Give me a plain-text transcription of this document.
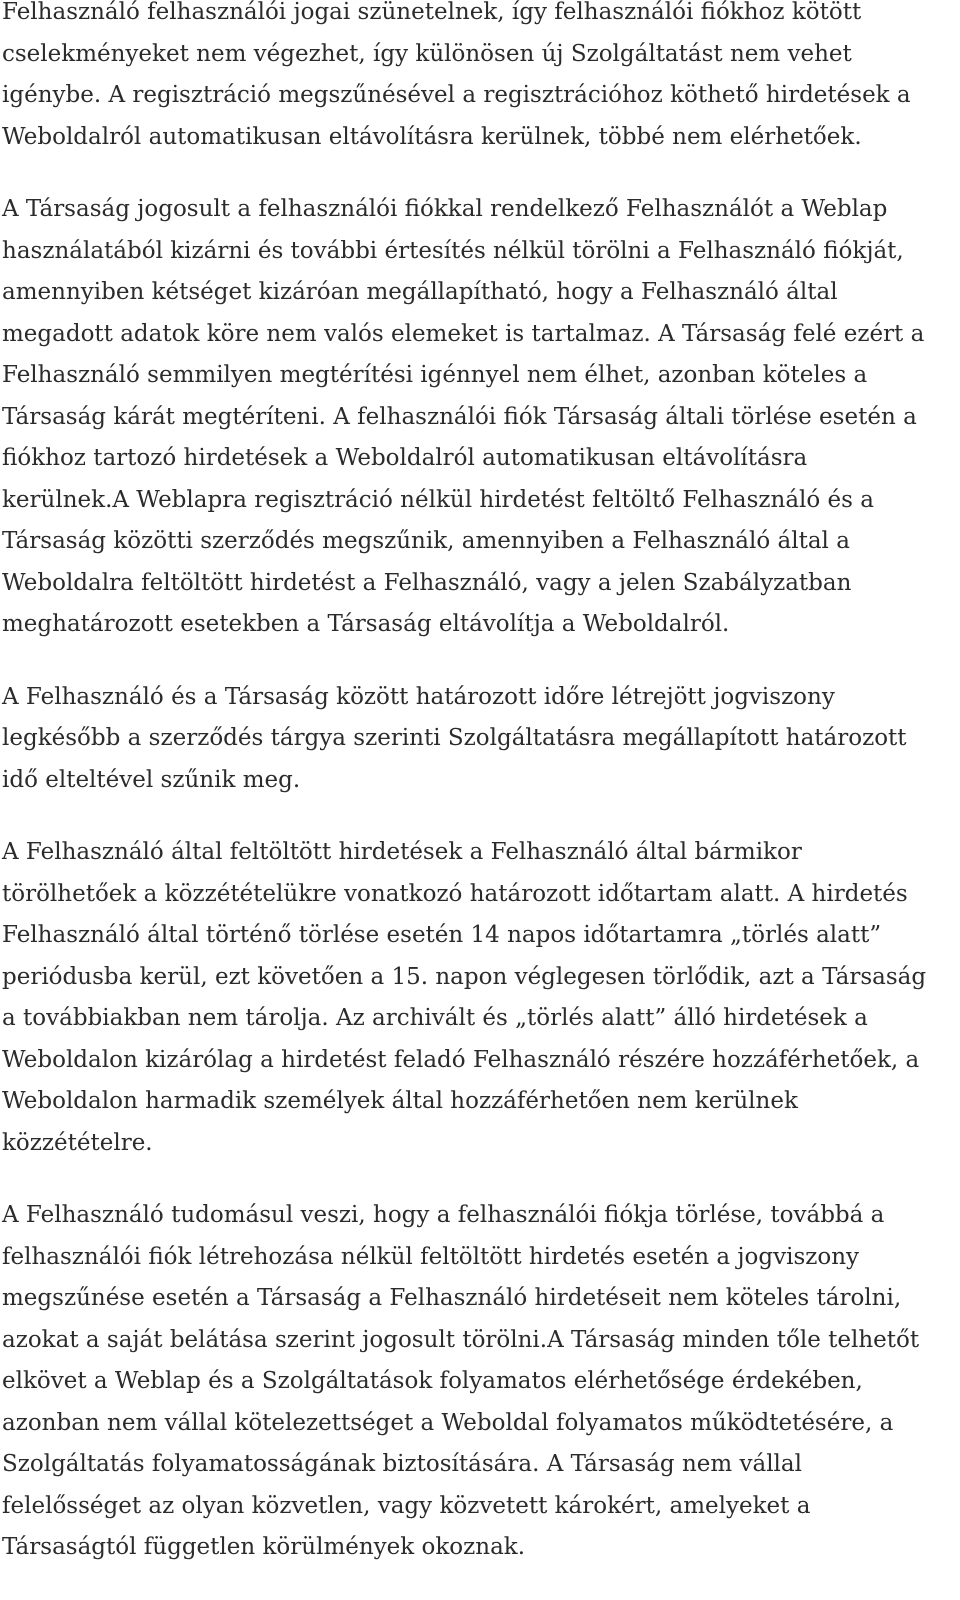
Felhasználó felhasználói jogai szünetelnek, így felhasználói fiókhoz kötött
cselekményeket nem végezhet, így különösen új Szolgáltatást nem vehet
igénybe. A regisztráció megszűnésével a regisztrációhoz köthető hirdetések a
Weboldalról automatikusan eltávolításra kerülnek, többé nem elérhetőek.

A Társaság jogosult a felhasználói fiókkal rendelkező Felhasználót a Weblap
használatából kizárni és további értesítés nélkül törölni a Felhasználó fiókját,
amennyiben kétséget kizáróan megállapítható, hogy a Felhasználó által
megadott adatok köre nem valós elemeket is tartalmaz. A Társaság felé ezért a
Felhasználó semmilyen megtérítési igénnyel nem élhet, azonban köteles a
Társaság kárát megtéríteni. A felhasználói fiók Társaság általi törlése esetén a
fiókhoz tartozó hirdetések a Weboldalról automatikusan eltávolításra
kerülnek.A Weblapra regisztráció nélkül hirdetést feltöltő Felhasználó és a
Társaság közötti szerződés megszűnik, amennyiben a Felhasználó által a
Weboldalra feltöltött hirdetést a Felhasználó, vagy a jelen Szabályzatban
meghatározott esetekben a Társaság eltávolítja a Weboldalról.

A Felhasználó és a Társaság között határozott időre létrejött jogviszony
legkésőbb a szerződés tárgya szerinti Szolgáltatásra megállapított határozott
idő elteltével szűnik meg.

A Felhasználó által feltöltött hirdetések a Felhasználó által bármikor
törölhetőek a közzétételükre vonatkozó határozott időtartam alatt. A hirdetés
Felhasználó által történő törlése esetén 14 napos időtartamra „törlés alatt”
periódusba kerül, ezt követően a 15. napon véglegesen törlődik, azt a Társaság
a továbbiakban nem tárolja. Az archivált és „törlés alatt” álló hirdetések a
Weboldalon kizárólag a hirdetést feladó Felhasználó részére hozzáférhetőek, a
Weboldalon harmadik személyek által hozzáférhetően nem kerülnek
közzétételre.

A Felhasználó tudomásul veszi, hogy a felhasználói fiókja törlése, továbbá a
felhasználói fiók létrehozása nélkül feltöltött hirdetés esetén a jogviszony
megszűnése esetén a Társaság a Felhasználó hirdetéseit nem köteles tárolni,
azokat a saját belátása szerint jogosult törölni.A Társaság minden tőle telhetőt
elkövet a Weblap és a Szolgáltatások folyamatos elérhetősége érdekében,
azonban nem vállal kötelezettséget a Weboldal folyamatos működtetésére, a
Szolgáltatás folyamatosságának biztosítására. A Társaság nem vállal
felelősséget az olyan közvetlen, vagy közvetett károkért, amelyeket a
Társaságtól független körülmények okoznak.
